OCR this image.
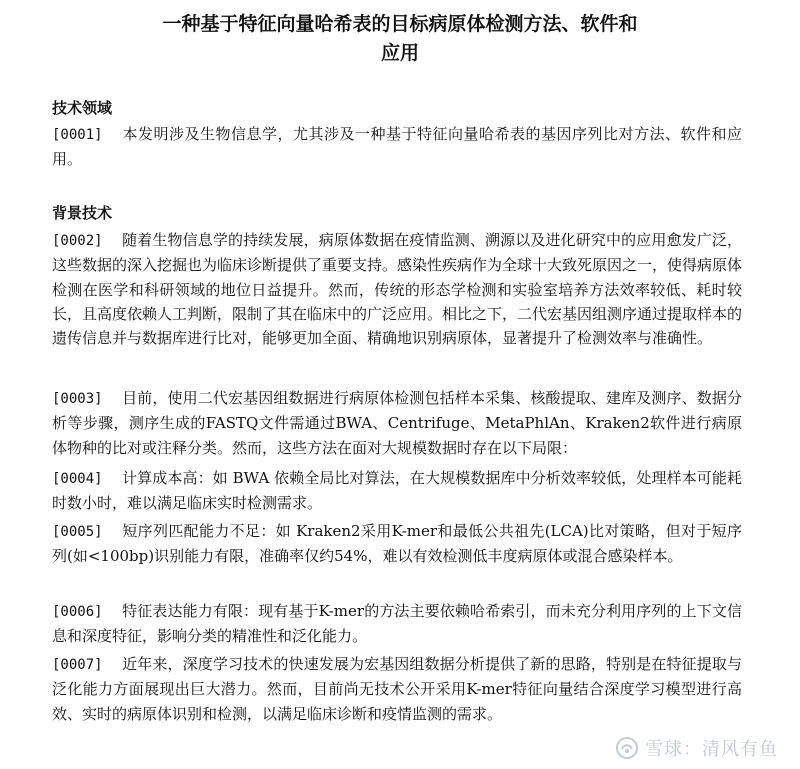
一种基于特征向量哈希表的目标病原体检测方法、软件和
应用
技术领域
[0001] 本发明涉及生物信息学，尤其涉及一种基于特征向量哈希表的基因序列比对方法、软件和应用。
背景技术
[0002] 随着生物信息学的持续发展，病原体数据在疫情监测、溯源以及进化研究中的应用愈发广泛，这些数据的深入挖掘也为临床诊断提供了重要支持。感染性疾病作为全球十大致死原因之一，使得病原体检测在医学和科研领域的地位日益提升。然而，传统的形态学检测和实验室培养方法效率较低、耗时较长，且高度依赖人工判断，限制了其在临床中的广泛应用。相比之下，二代宏基因组测序通过提取样本的遗传信息并与数据库进行比对，能够更加全面、精确地识别病原体，显著提升了检测效率与准确性。
[0003] 目前，使用二代宏基因组数据进行病原体检测包括样本采集、核酸提取、建库及测序、数据分析等步骤，测序生成的FASTQ文件需通过BWA、Centrifuge、MetaPhlAn、Kraken2软件进行病原体物种的比对或注释分类。然而，这些方法在面对大规模数据时存在以下局限：
[0004] 计算成本高：如 BWA 依赖全局比对算法，在大规模数据库中分析效率较低，处理样本可能耗时数小时，难以满足临床实时检测需求。
[0005] 短序列匹配能力不足：如 Kraken2采用K-mer和最低公共祖先(LCA)比对策略，但对于短序列(如<100bp)识别能力有限，准确率仅约54%，难以有效检测低丰度病原体或混合感染样本。
[0006] 特征表达能力有限：现有基于K-mer的方法主要依赖哈希索引，而未充分利用序列的上下文信息和深度特征，影响分类的精准性和泛化能力。
[0007] 近年来，深度学习技术的快速发展为宏基因组数据分析提供了新的思路，特别是在特征提取与泛化能力方面展现出巨大潜力。然而，目前尚无技术公开采用K-mer特征向量结合深度学习模型进行高效、实时的病原体识别和检测，以满足临床诊断和疫情监测的需求。
雪球：清风有鱼
